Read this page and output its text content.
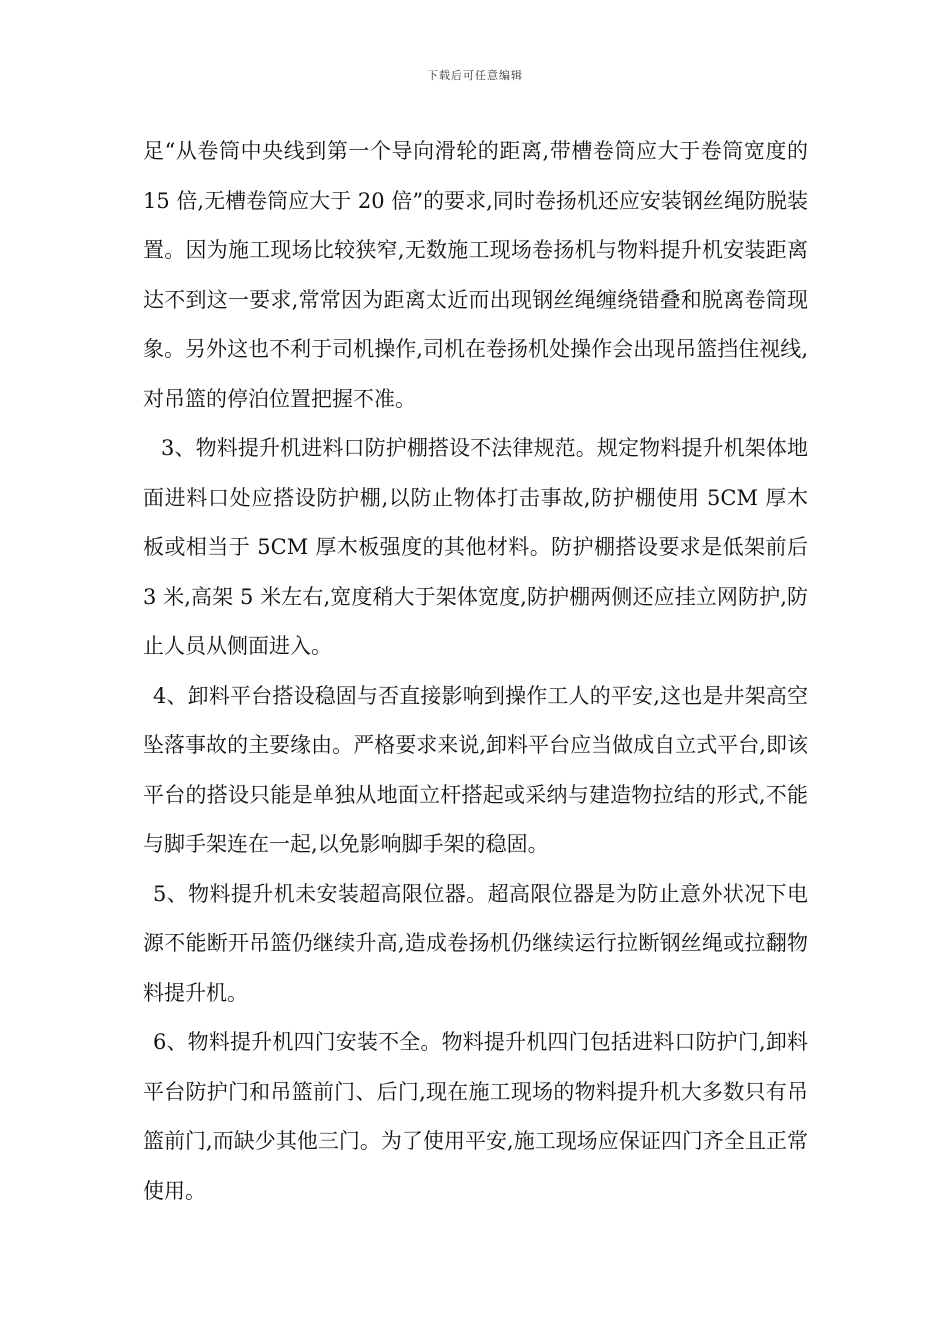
下载后可任意编辑

足“从卷筒中央线到第一个导向滑轮的距离,带槽卷筒应大于卷筒宽度的 15 倍,无槽卷筒应大于 20 倍”的要求,同时卷扬机还应安装钢丝绳防脱装置。因为施工现场比较狭窄,无数施工现场卷扬机与物料提升机安装距离达不到这一要求,常常因为距离太近而出现钢丝绳缠绕错叠和脱离卷筒现象。另外这也不利于司机操作,司机在卷扬机处操作会出现吊篮挡住视线,对吊篮的停泊位置把握不准。

3、物料提升机进料口防护棚搭设不法律规范。规定物料提升机架体地面进料口处应搭设防护棚,以防止物体打击事故,防护棚使用 5CM 厚木板或相当于 5CM 厚木板强度的其他材料。防护棚搭设要求是低架前后 3 米,高架 5 米左右,宽度稍大于架体宽度,防护棚两侧还应挂立网防护,防止人员从侧面进入。

4、卸料平台搭设稳固与否直接影响到操作工人的平安,这也是井架高空坠落事故的主要缘由。严格要求来说,卸料平台应当做成自立式平台,即该平台的搭设只能是单独从地面立杆搭起或采纳与建造物拉结的形式,不能与脚手架连在一起,以免影响脚手架的稳固。

5、物料提升机未安装超高限位器。超高限位器是为防止意外状况下电源不能断开吊篮仍继续升高,造成卷扬机仍继续运行拉断钢丝绳或拉翻物料提升机。

6、物料提升机四门安装不全。物料提升机四门包括进料口防护门,卸料平台防护门和吊篮前门、后门,现在施工现场的物料提升机大多数只有吊篮前门,而缺少其他三门。为了使用平安,施工现场应保证四门齐全且正常使用。
